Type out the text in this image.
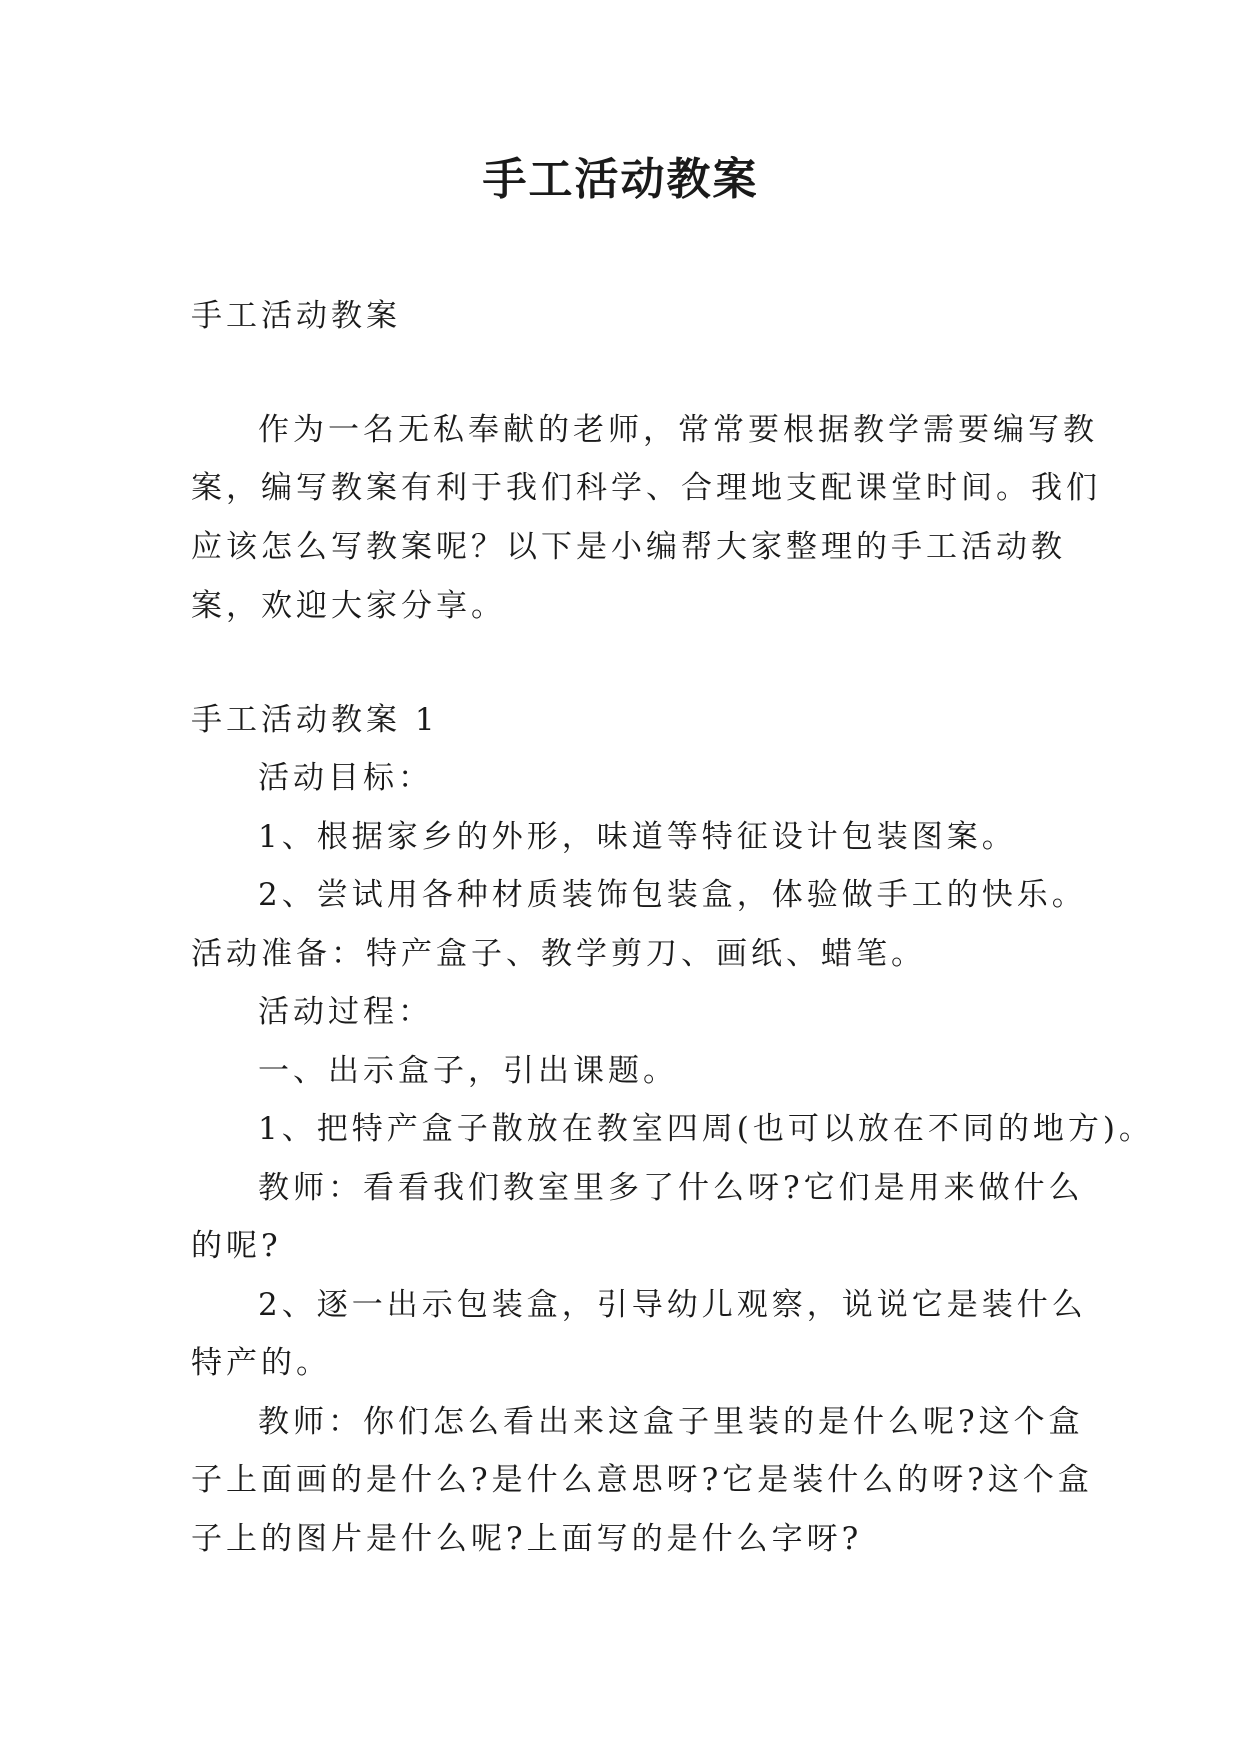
手工活动教案
手工活动教案
作为一名无私奉献的老师，常常要根据教学需要编写教
案，编写教案有利于我们科学、合理地支配课堂时间。我们
应该怎么写教案呢？以下是小编帮大家整理的手工活动教
案，欢迎大家分享。
手工活动教案 1
活动目标：
1、根据家乡的外形，味道等特征设计包装图案。
2、尝试用各种材质装饰包装盒，体验做手工的快乐。
活动准备：特产盒子、教学剪刀、画纸、蜡笔。
活动过程：
一、出示盒子，引出课题。
1、把特产盒子散放在教室四周(也可以放在不同的地方)。
教师：看看我们教室里多了什么呀?它们是用来做什么
的呢?
2、逐一出示包装盒，引导幼儿观察，说说它是装什么
特产的。
教师：你们怎么看出来这盒子里装的是什么呢?这个盒
子上面画的是什么?是什么意思呀?它是装什么的呀?这个盒
子上的图片是什么呢?上面写的是什么字呀?
